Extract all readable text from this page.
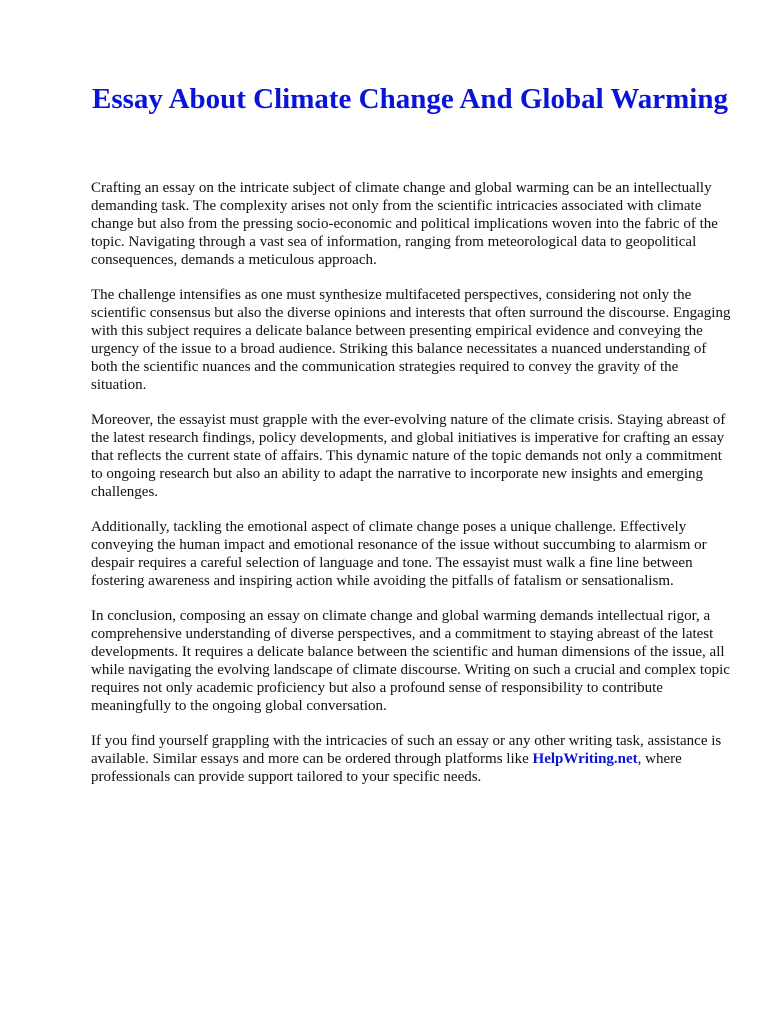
Essay About Climate Change And Global Warming

Crafting an essay on the intricate subject of climate change and global warming can be an intellectually demanding task. The complexity arises not only from the scientific intricacies associated with climate change but also from the pressing socio-economic and political implications woven into the fabric of the topic. Navigating through a vast sea of information, ranging from meteorological data to geopolitical consequences, demands a meticulous approach.

The challenge intensifies as one must synthesize multifaceted perspectives, considering not only the scientific consensus but also the diverse opinions and interests that often surround the discourse. Engaging with this subject requires a delicate balance between presenting empirical evidence and conveying the urgency of the issue to a broad audience. Striking this balance necessitates a nuanced understanding of both the scientific nuances and the communication strategies required to convey the gravity of the situation.

Moreover, the essayist must grapple with the ever-evolving nature of the climate crisis. Staying abreast of the latest research findings, policy developments, and global initiatives is imperative for crafting an essay that reflects the current state of affairs. This dynamic nature of the topic demands not only a commitment to ongoing research but also an ability to adapt the narrative to incorporate new insights and emerging challenges.

Additionally, tackling the emotional aspect of climate change poses a unique challenge. Effectively conveying the human impact and emotional resonance of the issue without succumbing to alarmism or despair requires a careful selection of language and tone. The essayist must walk a fine line between fostering awareness and inspiring action while avoiding the pitfalls of fatalism or sensationalism.

In conclusion, composing an essay on climate change and global warming demands intellectual rigor, a comprehensive understanding of diverse perspectives, and a commitment to staying abreast of the latest developments. It requires a delicate balance between the scientific and human dimensions of the issue, all while navigating the evolving landscape of climate discourse. Writing on such a crucial and complex topic requires not only academic proficiency but also a profound sense of responsibility to contribute meaningfully to the ongoing global conversation.

If you find yourself grappling with the intricacies of such an essay or any other writing task, assistance is available. Similar essays and more can be ordered through platforms like HelpWriting.net, where professionals can provide support tailored to your specific needs.
